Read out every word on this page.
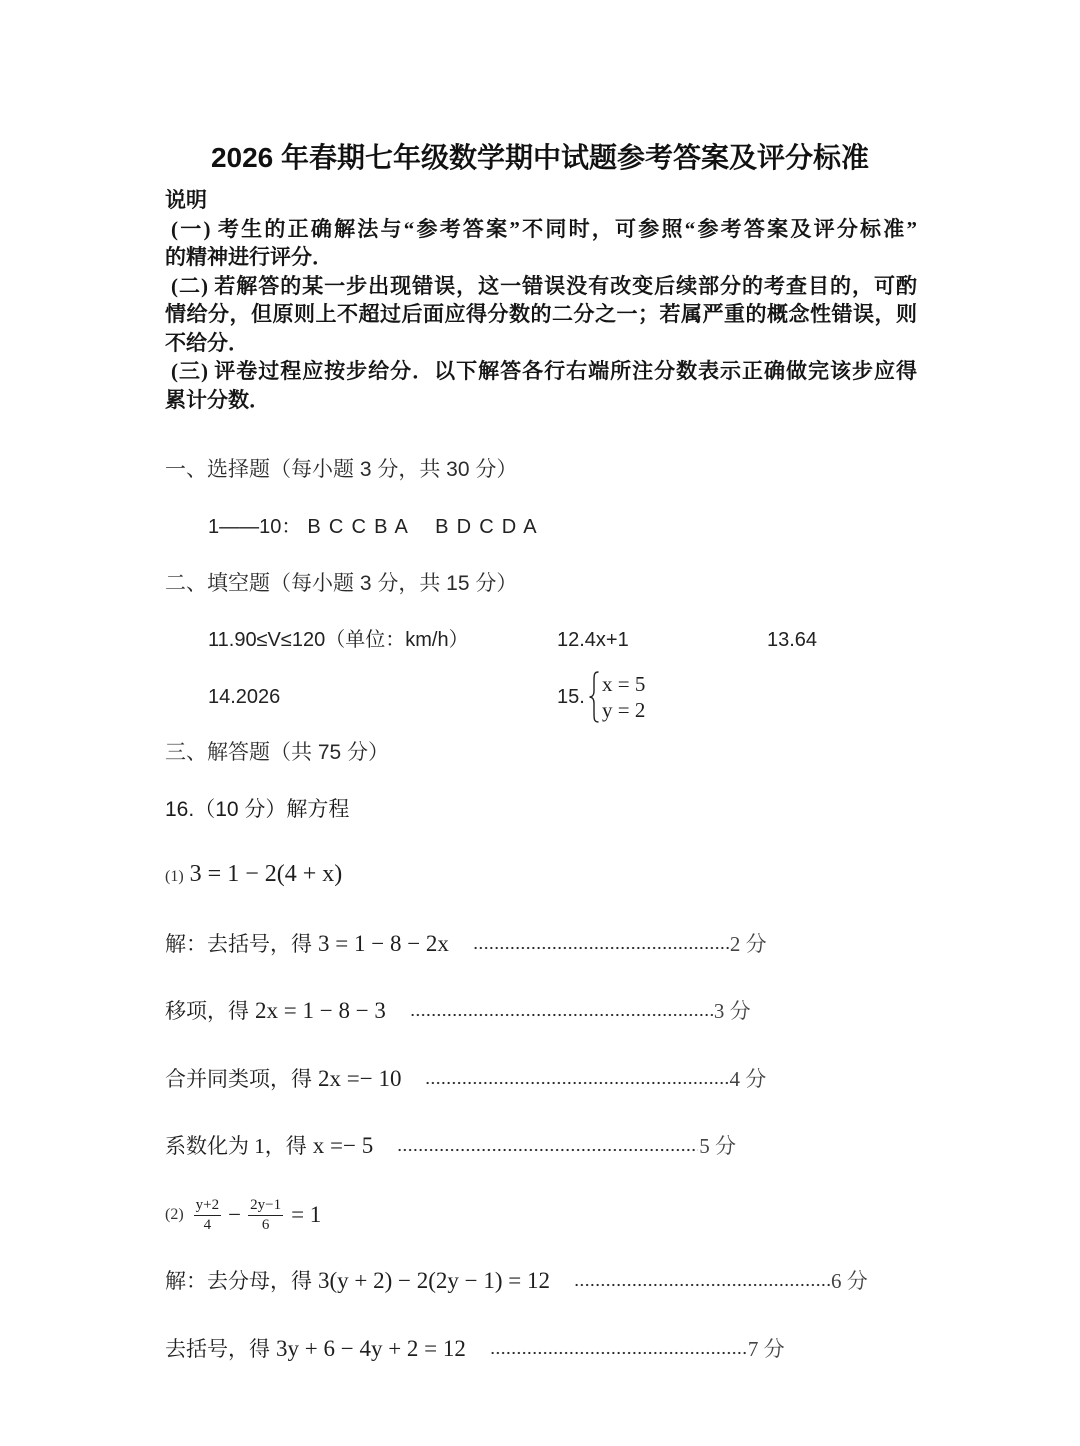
2026 年春期七年级数学期中试题参考答案及评分标准
说明
(一) 考生的正确解法与“参考答案”不同时，可参照“参考答案及评分标准”
的精神进行评分．
(二) 若解答的某一步出现错误，这一错误没有改变后续部分的考查目的，可酌
情给分，但原则上不超过后面应得分数的二分之一；若属严重的概念性错误，则
不给分．
(三) 评卷过程应按步给分．以下解答各行右端所注分数表示正确做完该步应得
累计分数．
一、选择题（每小题 3 分，共 30 分）
1——10： B C C B A B D C D A
二、填空题（每小题 3 分，共 15 分）
11.90≤V≤120（单位：km/h）	12.4x+1	13.64
14.2026	15.
x = 5
y = 2
三、解答题（共 75 分）
16.（10 分）解方程
(1) 3 = 1 − 2(4 + x)
解：去括号，得 3 = 1 − 8 − 2x	2 分
移项，得 2x = 1 − 8 − 3	3 分
合并同类项，得 2x =− 10	4 分
系数化为 1，得 x =− 5	5 分
$(2) \frac{y+2}{4} - \frac{2y-1}{6} = 1$
解：去分母，得 3(y + 2) − 2(2y − 1) = 12	6 分
去括号，得 3y + 6 − 4y + 2 = 12	7 分
